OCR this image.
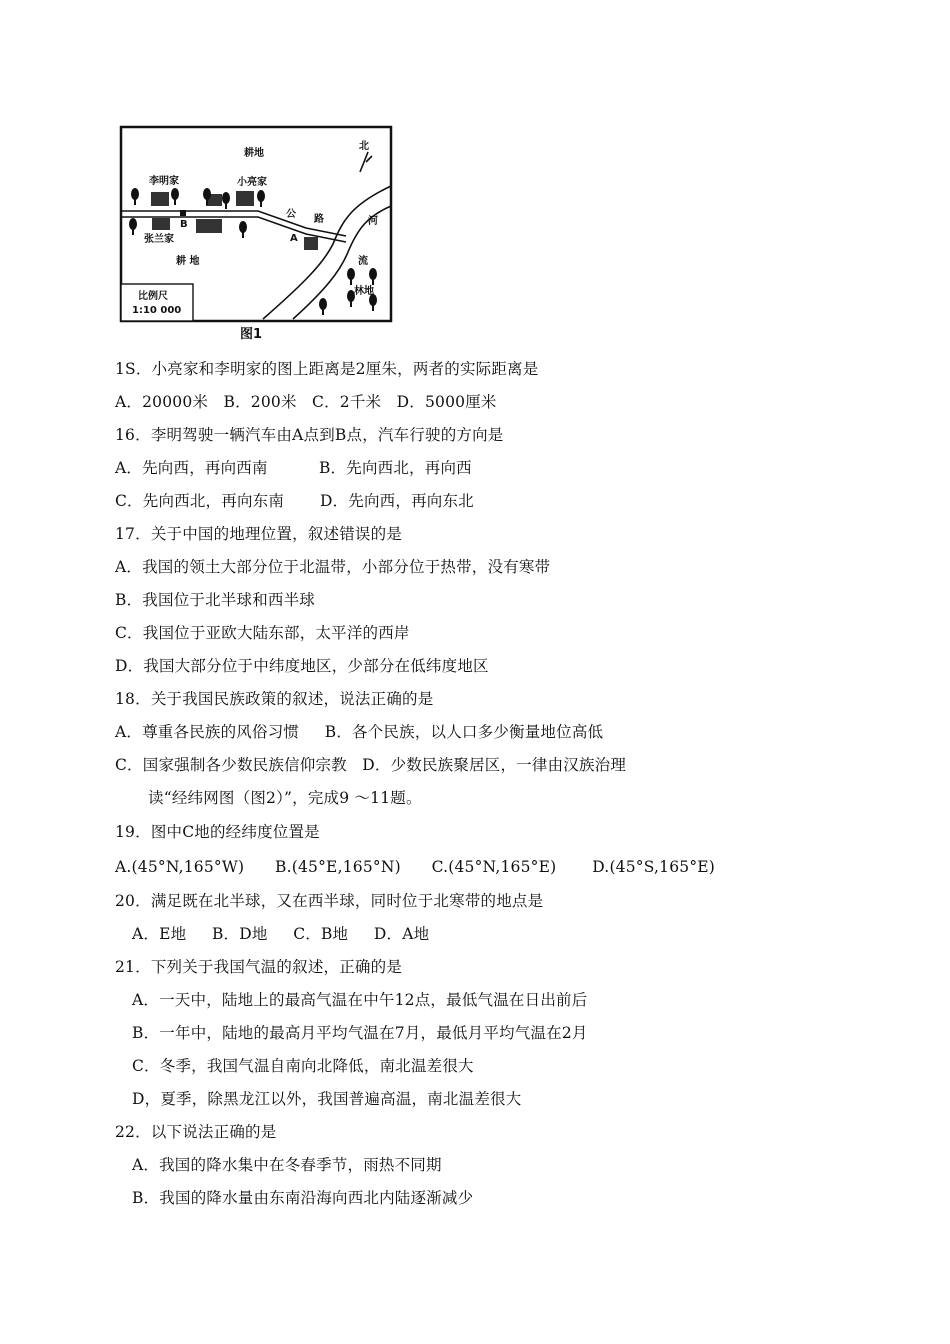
耕地
李明家	小亮家
张兰家
B
A
公 路	河
流
耕 地
林地
北
比例尺
1:10 000
图1
1S．小亮家和李明家的图上距离是2厘朱，两者的实际距离是
A．20000米   B．200米   C．2千米   D．5000厘米
16．李明驾驶一辆汽车由A点到B点，汽车行驶的方向是
A．先向西，再向西南          B．先向西北，再向西
C．先向西北，再向东南       D．先向西，再向东北
17．关于中国的地理位置，叙述错误的是
A．我国的领土大部分位于北温带，小部分位于热带，没有寒带
B．我国位于北半球和西半球
C．我国位于亚欧大陆东部，太平洋的西岸
D．我国大部分位于中纬度地区，少部分在低纬度地区
18．关于我国民族政策的叙述，说法正确的是
A．尊重各民族的风俗习惯     B．各个民族，以人口多少衡量地位高低
C．国家强制各少数民族信仰宗教   D．少数民族聚居区，一律由汉族治理
读“经纬网图（图2）”，完成9 ～11题。
19．图中C地的经纬度位置是
A.(45°N,165°W)      B.(45°E,165°N)      C.(45°N,165°E)       D.(45°S,165°E)
20．满足既在北半球，又在西半球，同时位于北寒带的地点是
A．E地     B．D地     C．B地     D．A地
21．下列关于我国气温的叙述，正确的是
A．一天中，陆地上的最高气温在中午12点，最低气温在日出前后
B．一年中，陆地的最高月平均气温在7月，最低月平均气温在2月
C．冬季，我国气温自南向北降低，南北温差很大
D，夏季，除黑龙江以外，我国普遍高温，南北温差很大
22．以下说法正确的是
A．我国的降水集中在冬春季节，雨热不同期
B．我国的降水量由东南沿海向西北内陆逐渐减少
